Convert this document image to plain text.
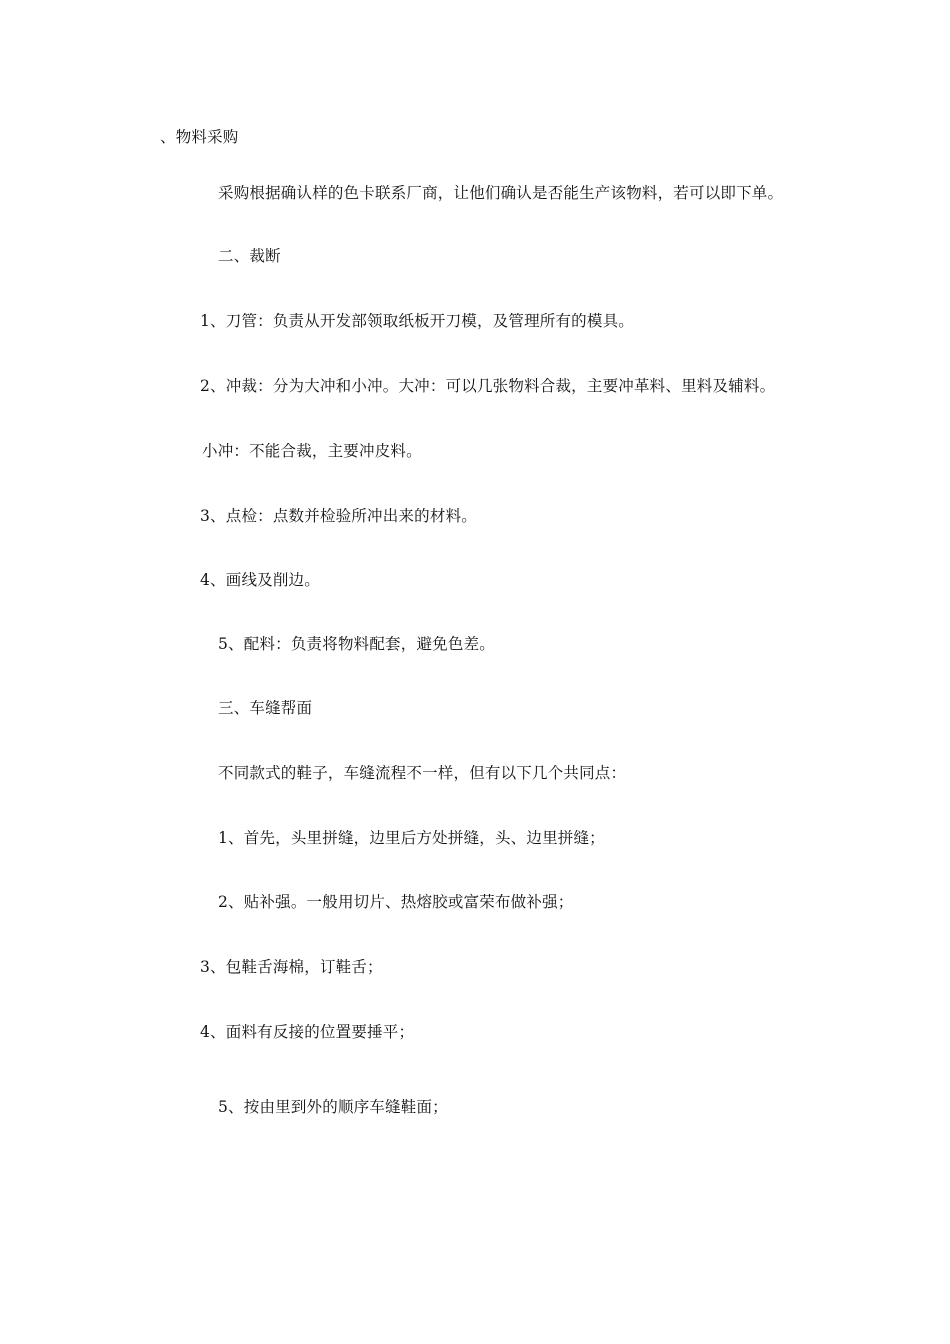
、物料采购
采购根据确认样的色卡联系厂商，让他们确认是否能生产该物料，若可以即下单。
二、裁断
1、刀管：负责从开发部领取纸板开刀模，及管理所有的模具。
2、冲裁：分为大冲和小冲。大冲：可以几张物料合裁，主要冲革料、里料及辅料。
小冲：不能合裁，主要冲皮料。
3、点检：点数并检验所冲出来的材料。
4、画线及削边。
5、配料：负责将物料配套，避免色差。
三、车缝帮面
不同款式的鞋子，车缝流程不一样，但有以下几个共同点：
1、首先，头里拼缝，边里后方处拼缝，头、边里拼缝；
2、贴补强。一般用切片、热熔胶或富荣布做补强；
3、包鞋舌海棉，订鞋舌；
4、面料有反接的位置要捶平；
5、按由里到外的顺序车缝鞋面；
